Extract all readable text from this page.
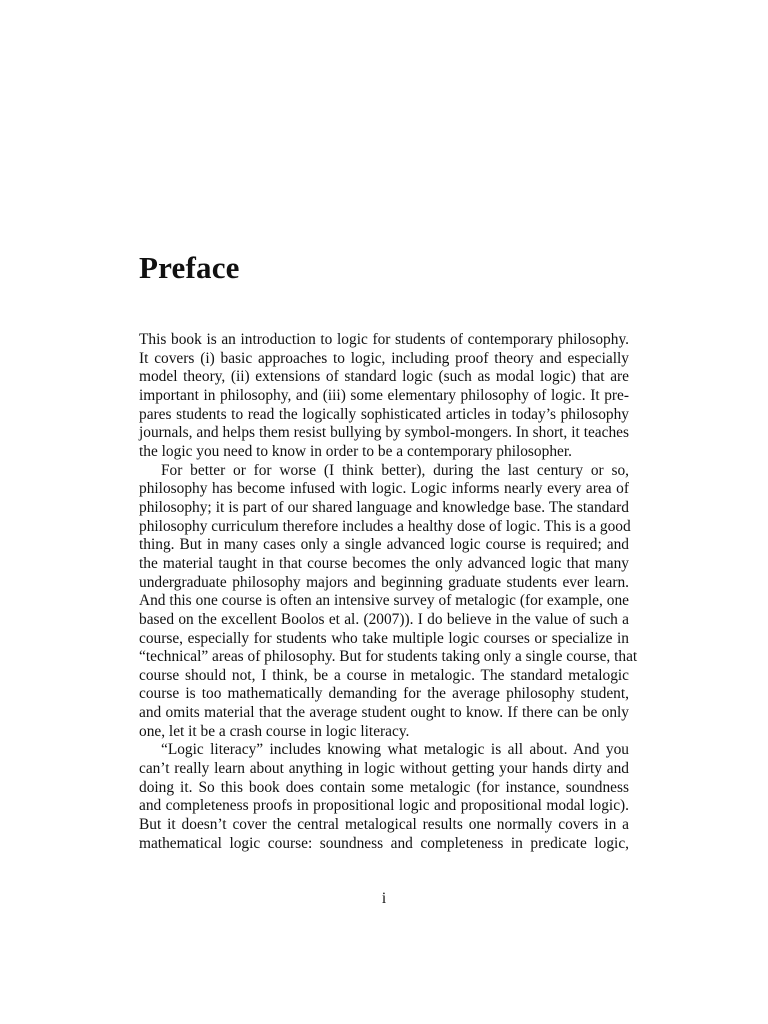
Preface
This book is an introduction to logic for students of contemporary philosophy.
It covers (i) basic approaches to logic, including proof theory and especially
model theory, (ii) extensions of standard logic (such as modal logic) that are
important in philosophy, and (iii) some elementary philosophy of logic. It pre-
pares students to read the logically sophisticated articles in today’s philosophy
journals, and helps them resist bullying by symbol-mongers. In short, it teaches
the logic you need to know in order to be a contemporary philosopher.
For better or for worse (I think better), during the last century or so,
philosophy has become infused with logic. Logic informs nearly every area of
philosophy; it is part of our shared language and knowledge base. The standard
philosophy curriculum therefore includes a healthy dose of logic. This is a good
thing. But in many cases only a single advanced logic course is required; and
the material taught in that course becomes the only advanced logic that many
undergraduate philosophy majors and beginning graduate students ever learn.
And this one course is often an intensive survey of metalogic (for example, one
based on the excellent Boolos et al. (2007)). I do believe in the value of such a
course, especially for students who take multiple logic courses or specialize in
“technical” areas of philosophy. But for students taking only a single course, that
course should not, I think, be a course in metalogic. The standard metalogic
course is too mathematically demanding for the average philosophy student,
and omits material that the average student ought to know. If there can be only
one, let it be a crash course in logic literacy.
“Logic literacy” includes knowing what metalogic is all about. And you
can’t really learn about anything in logic without getting your hands dirty and
doing it. So this book does contain some metalogic (for instance, soundness
and completeness proofs in propositional logic and propositional modal logic).
But it doesn’t cover the central metalogical results one normally covers in a
mathematical logic course: soundness and completeness in predicate logic,
i
